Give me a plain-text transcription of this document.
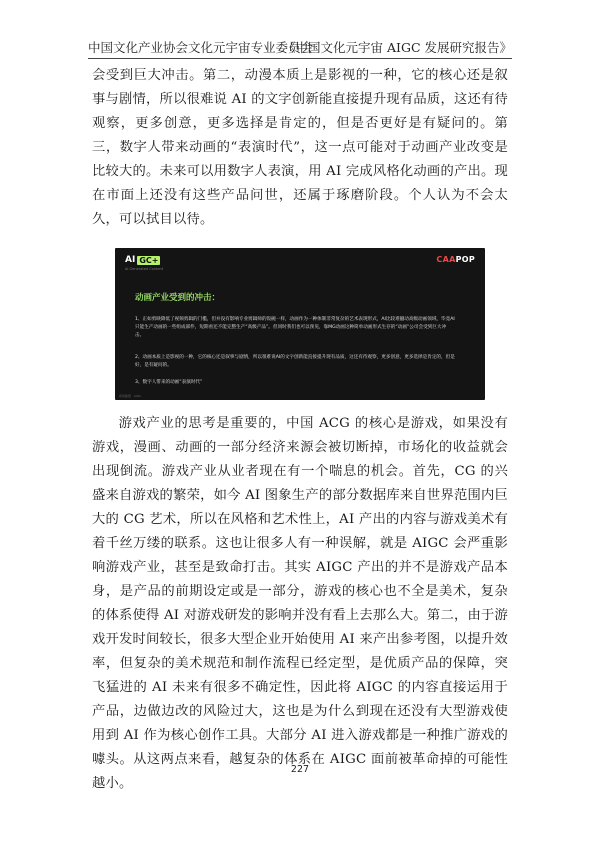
中国文化产业协会文化元宇宙专业委员会
《中国文化元宇宙 AIGC 发展研究报告》

会受到巨大冲击。第二，动漫本质上是影视的一种，它的核心还是叙事与剧情，所以很难说 AI 的文字创新能直接提升现有品质，这还有待观察，更多创意，更多选择是肯定的，但是否更好是有疑问的。第三，数字人带来动画的“表演时代”，这一点可能对于动画产业改变是比较大的。未来可以用数字人表演，用 AI 完成风格化动画的产出。现在市面上还没有这些产品问世，还属于琢磨阶段。个人认为不会太久，可以拭目以待。

AI GC+
AI Generated Content
CAAPOP
动画产业受到的冲击：
1、正如剪映降低了视频剪辑的门槛，但并没有影响专业剪辑师的饭碗一样，动画作为一种体制非常复杂的艺术表现形式，AI比较难撼动高级动画领域，毕竟AI只能生产动画的一些组成部件，短期看还不能完整生产“高级产品”。但同时我们也可以预见，靠MG动画这种简单动画形式生存的“动画”公司会受到巨大冲击。
2、动画本质上是影视的一种，它的核心还是叙事与剧情，所以很难说AI的文字创新能直接提升现有品质，这还有待观察，更多创意，更多选择是肯定的，但是好，是有疑问的。
3、数字人带来的动画“表演时代”
视频截图 · AIGC

游戏产业的思考是重要的，中国 ACG 的核心是游戏，如果没有游戏，漫画、动画的一部分经济来源会被切断掉，市场化的收益就会出现倒流。游戏产业从业者现在有一个喘息的机会。首先，CG 的兴盛来自游戏的繁荣，如今 AI 图象生产的部分数据库来自世界范围内巨大的 CG 艺术，所以在风格和艺术性上，AI 产出的内容与游戏美术有着千丝万缕的联系。这也让很多人有一种误解，就是 AIGC 会严重影响游戏产业，甚至是致命打击。其实 AIGC 产出的并不是游戏产品本身，是产品的前期设定或是一部分，游戏的核心也不全是美术，复杂的体系使得 AI 对游戏研发的影响并没有看上去那么大。第二，由于游戏开发时间较长，很多大型企业开始使用 AI 来产出参考图，以提升效率，但复杂的美术规范和制作流程已经定型，是优质产品的保障，突飞猛进的 AI 未来有很多不确定性，因此将 AIGC 的内容直接运用于产品，边做边改的风险过大，这也是为什么到现在还没有大型游戏使用到 AI 作为核心创作工具。大部分 AI 进入游戏都是一种推广游戏的噱头。从这两点来看，越复杂的体系在 AIGC 面前被革命掉的可能性越小。

227
